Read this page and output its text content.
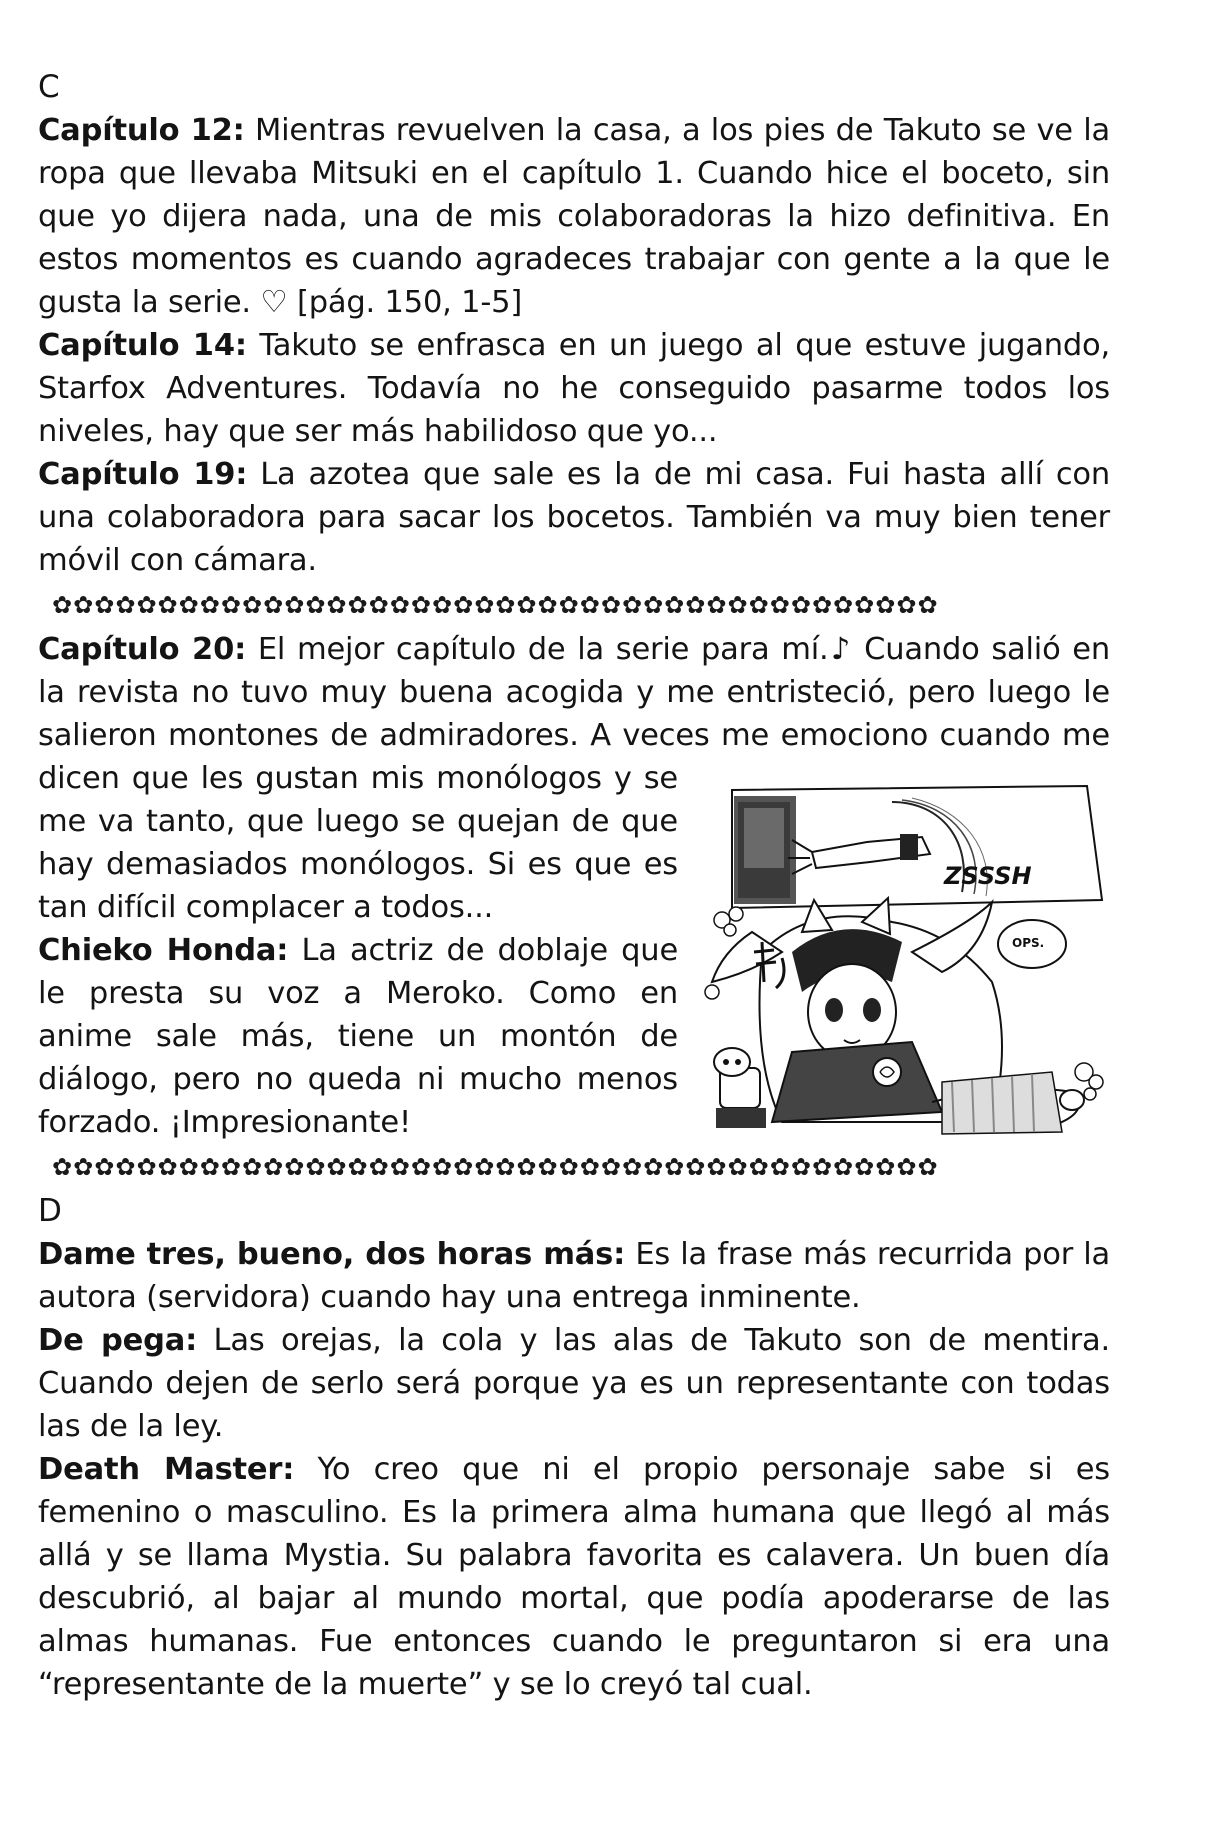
C

Capítulo 12: Mientras revuelven la casa, a los pies de Takuto se ve la ropa que llevaba Mitsuki en el capítulo 1. Cuando hice el boceto, sin que yo dijera nada, una de mis colaboradoras la hizo definitiva. En estos momentos es cuando agradeces trabajar con gente a la que le gusta la serie. ♡ [pág. 150, 1-5]

Capítulo 14: Takuto se enfrasca en un juego al que estuve jugando, Starfox Adventures. Todavía no he conseguido pasarme todos los niveles, hay que ser más habilidoso que yo...

Capítulo 19: La azotea que sale es la de mi casa. Fui hasta allí con una colaboradora para sacar los bocetos. También va muy bien tener móvil con cámara.

✿✿✿✿✿✿✿✿✿✿✿✿✿✿✿✿✿✿✿✿✿✿✿✿✿✿✿✿✿✿✿✿✿✿✿✿✿✿✿✿✿✿
ZSSSH
OPS.

Capítulo 20: El mejor capítulo de la serie para mí.♪ Cuando salió en la revista no tuvo muy buena acogida y me entristeció, pero luego le salieron montones de admiradores. A veces me emociono cuando me dicen que les gustan mis monólogos y se me va tanto, que luego se quejan de que hay demasiados monólogos. Si es que es tan difícil complacer a todos...

Chieko Honda: La actriz de doblaje que le presta su voz a Meroko. Como en anime sale más, tiene un montón de diálogo, pero no queda ni mucho menos forzado. ¡Impresionante!

✿✿✿✿✿✿✿✿✿✿✿✿✿✿✿✿✿✿✿✿✿✿✿✿✿✿✿✿✿✿✿✿✿✿✿✿✿✿✿✿✿✿

D

Dame tres, bueno, dos horas más: Es la frase más recurrida por la autora (servidora) cuando hay una entrega inminente.

De pega: Las orejas, la cola y las alas de Takuto son de mentira. Cuando dejen de serlo será porque ya es un representante con todas las de la ley.

Death Master: Yo creo que ni el propio personaje sabe si es femenino o masculino. Es la primera alma humana que llegó al más allá y se llama Mystia. Su palabra favorita es calavera. Un buen día descubrió, al bajar al mundo mortal, que podía apoderarse de las almas humanas. Fue entonces cuando le preguntaron si era una “representante de la muerte” y se lo creyó tal cual.
